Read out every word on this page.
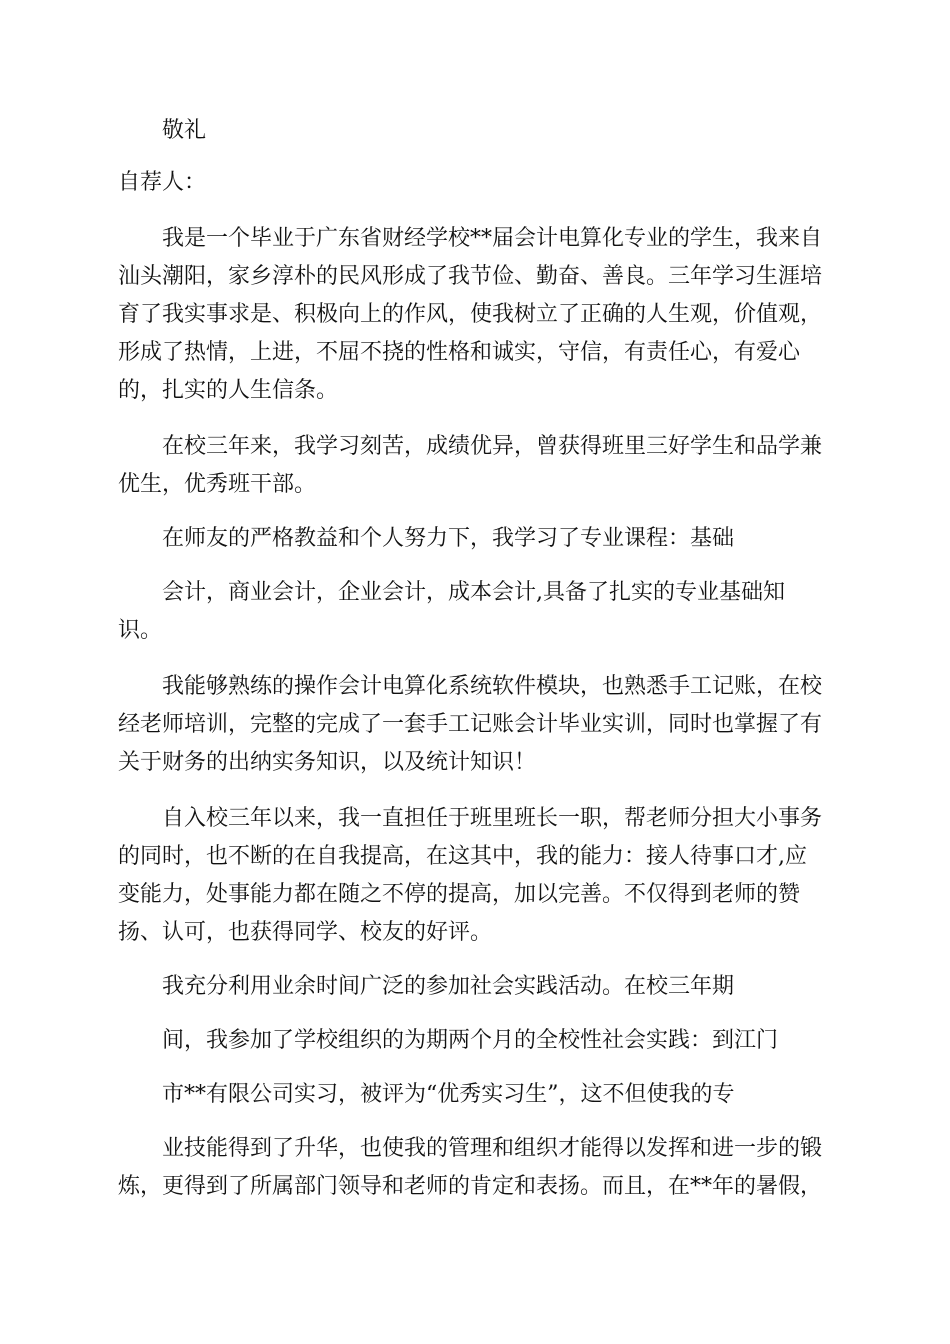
敬礼
自荐人：
我是一个毕业于广东省财经学校**届会计电算化专业的学生，我来自
汕头潮阳，家乡淳朴的民风形成了我节俭、勤奋、善良。三年学习生涯培
育了我实事求是、积极向上的作风，使我树立了正确的人生观，价值观，
形成了热情，上进，不屈不挠的性格和诚实，守信，有责任心，有爱心
的，扎实的人生信条。
在校三年来，我学习刻苦，成绩优异，曾获得班里三好学生和品学兼
优生，优秀班干部。
在师友的严格教益和个人努力下，我学习了专业课程：基础
会计，商业会计，企业会计，成本会计,具备了扎实的专业基础知
识。
我能够熟练的操作会计电算化系统软件模块，也熟悉手工记账，在校
经老师培训，完整的完成了一套手工记账会计毕业实训，同时也掌握了有
关于财务的出纳实务知识，以及统计知识！
自入校三年以来，我一直担任于班里班长一职，帮老师分担大小事务
的同时，也不断的在自我提高，在这其中，我的能力：接人待事口才,应
变能力，处事能力都在随之不停的提高，加以完善。不仅得到老师的赞
扬、认可，也获得同学、校友的好评。
我充分利用业余时间广泛的参加社会实践活动。在校三年期
间，我参加了学校组织的为期两个月的全校性社会实践：到江门
市**有限公司实习，被评为“优秀实习生”，这不但使我的专
业技能得到了升华，也使我的管理和组织才能得以发挥和进一步的锻
炼，更得到了所属部门领导和老师的肯定和表扬。而且，在**年的暑假，
